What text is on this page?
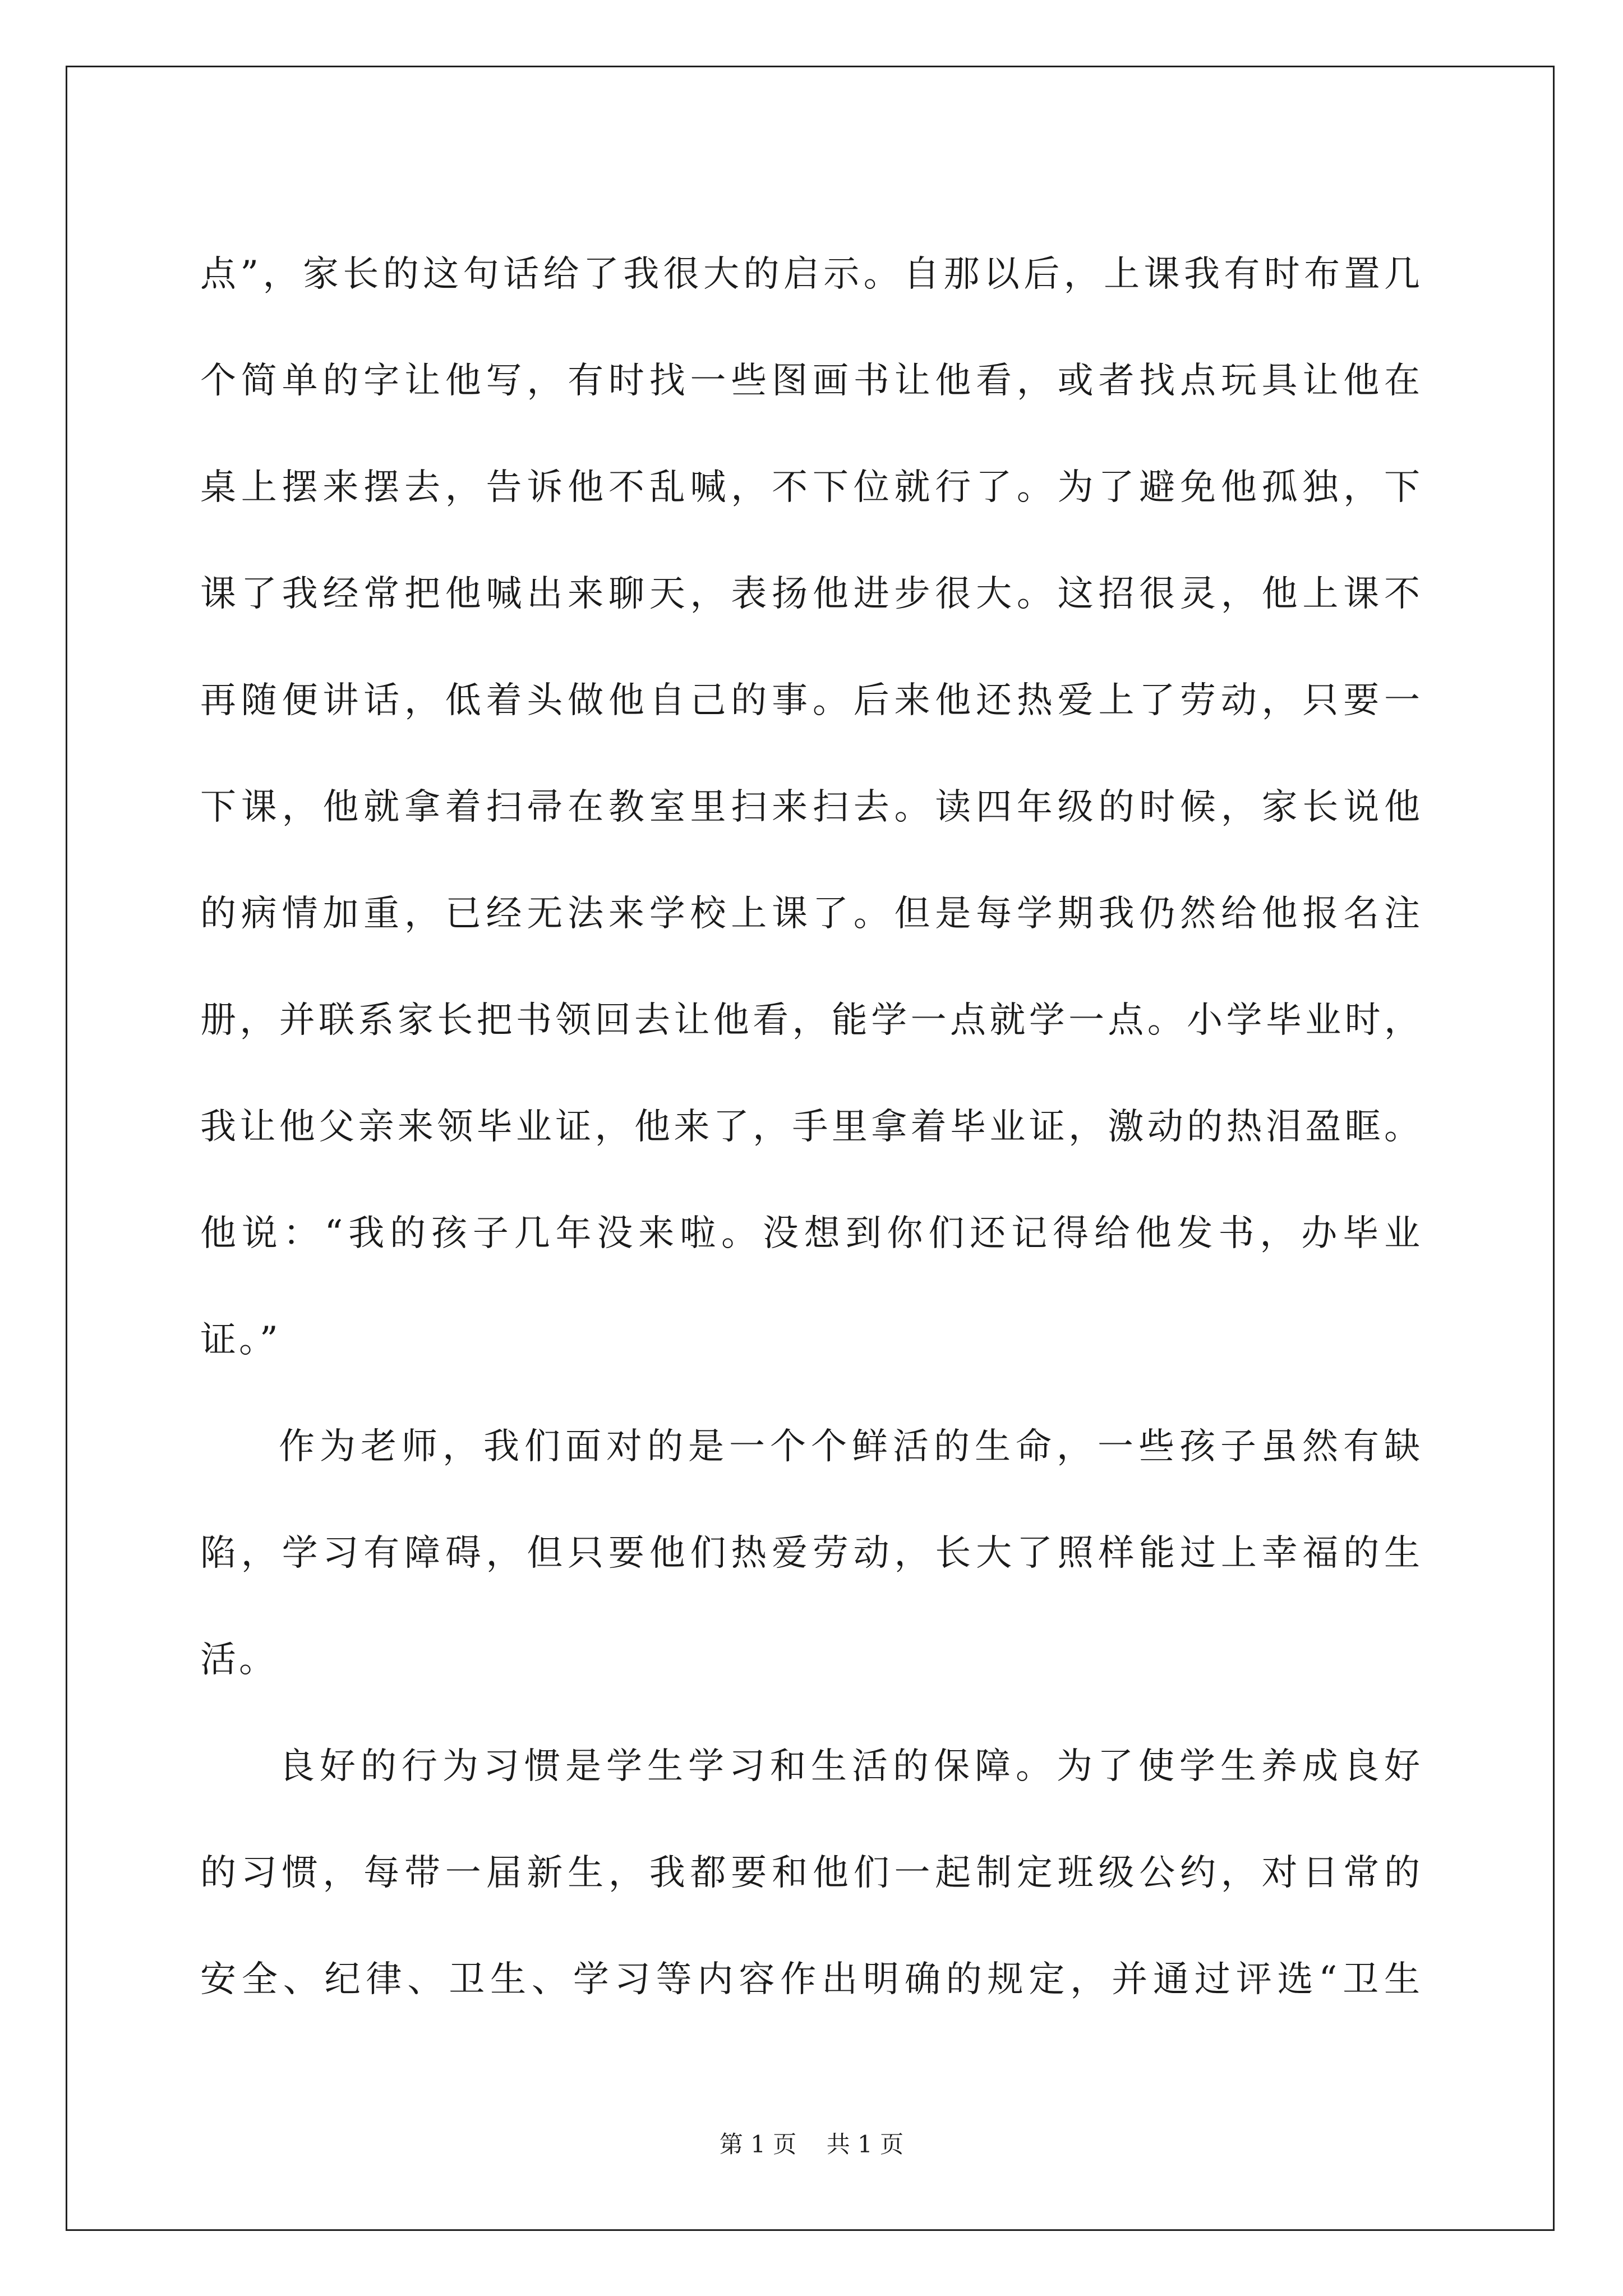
点”，家长的这句话给了我很大的启示。自那以后，上课我有时布置几
个简单的字让他写，有时找一些图画书让他看，或者找点玩具让他在
桌上摆来摆去，告诉他不乱喊，不下位就行了。为了避免他孤独，下
课了我经常把他喊出来聊天，表扬他进步很大。这招很灵，他上课不
再随便讲话，低着头做他自己的事。后来他还热爱上了劳动，只要一
下课，他就拿着扫帚在教室里扫来扫去。读四年级的时候，家长说他
的病情加重，已经无法来学校上课了。但是每学期我仍然给他报名注
册，并联系家长把书领回去让他看，能学一点就学一点。小学毕业时，
我让他父亲来领毕业证，他来了，手里拿着毕业证，激动的热泪盈眶。
他说：“我的孩子几年没来啦。没想到你们还记得给他发书，办毕业
证。”
作为老师，我们面对的是一个个鲜活的生命，一些孩子虽然有缺
陷，学习有障碍，但只要他们热爱劳动，长大了照样能过上幸福的生
活。
良好的行为习惯是学生学习和生活的保障。为了使学生养成良好
的习惯，每带一届新生，我都要和他们一起制定班级公约，对日常的
安全、纪律、卫生、学习等内容作出明确的规定，并通过评选“卫生
第 1 页    共 1 页
